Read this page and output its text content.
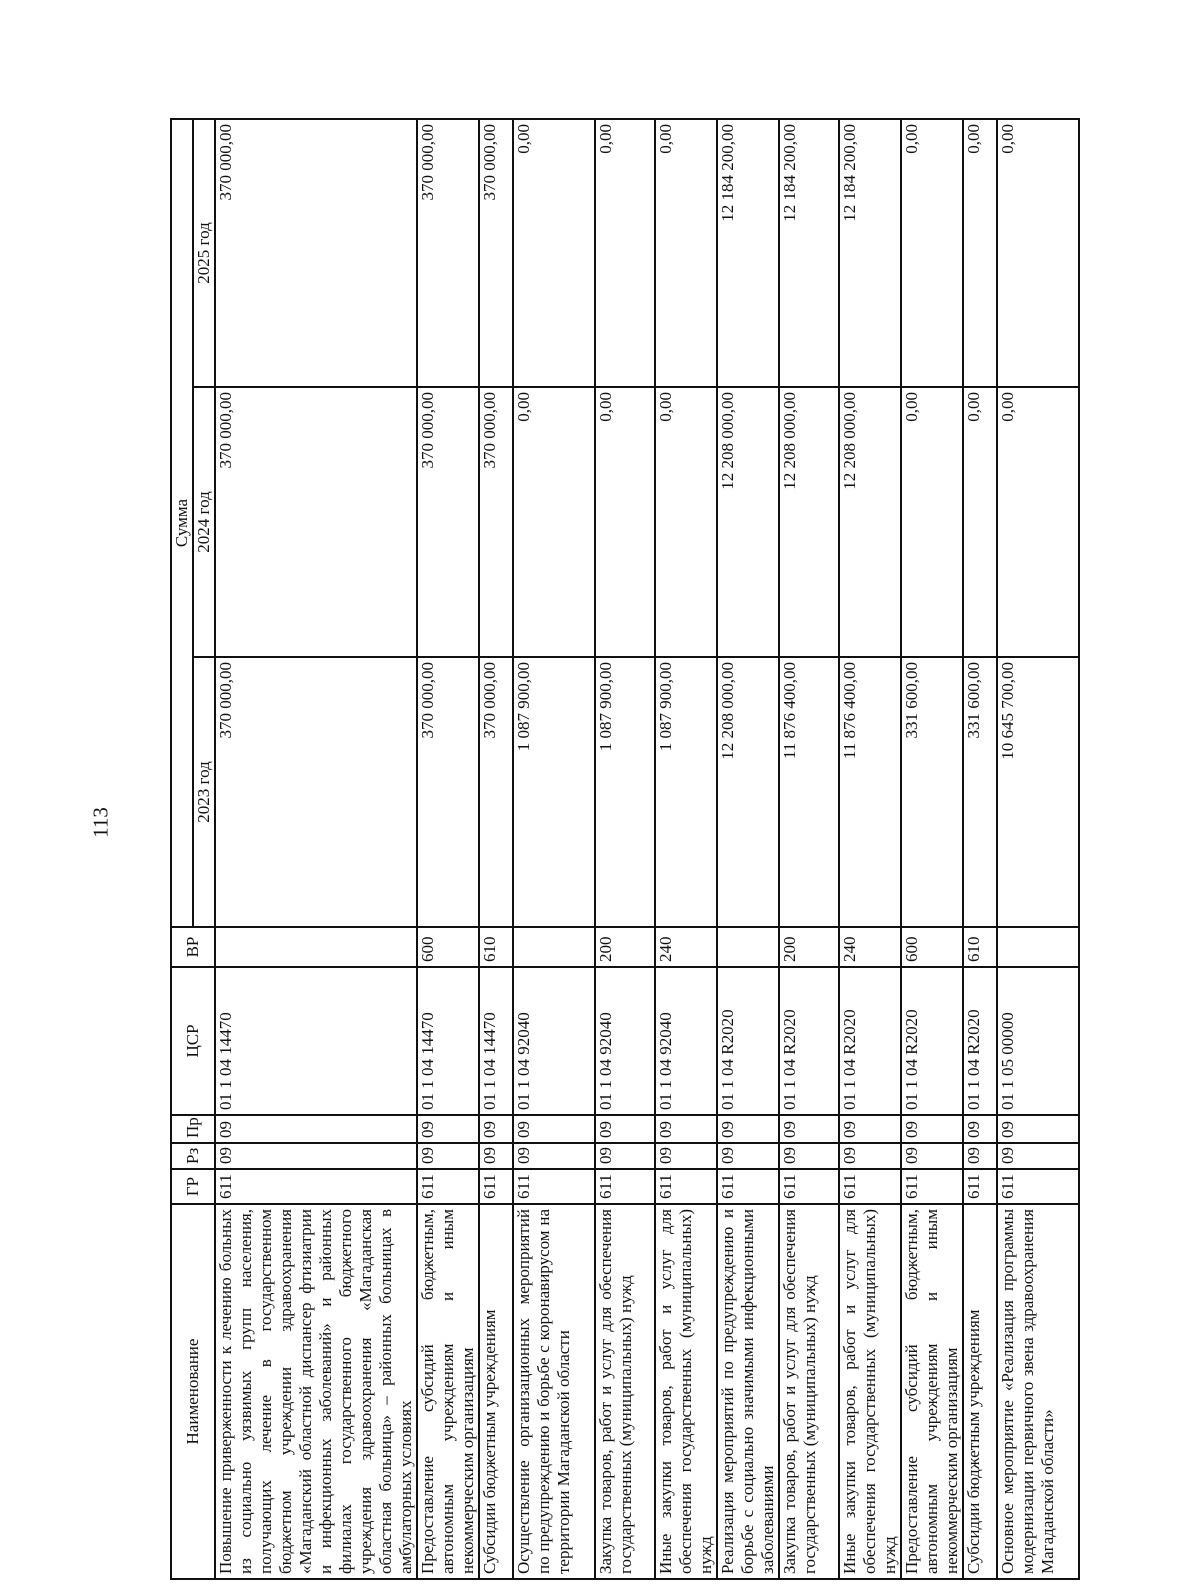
113
Наименование	ГР	Рз	Пр	ЦСР	ВР	Сумма		
						2023 год	2024 год	2025 год
Повышение приверженности к лечению больных из социально уязвимых групп населения, получающих лечение в государственном бюджетном учреждении здравоохранения «Магаданский областной диспансер фтизиатрии и инфекционных заболеваний» и районных филиалах государственного бюджетного учреждения здравоохранения «Магаданская областная больница» – районных больницах в амбулаторных условиях	611	09	09	01 1 04 14470		370 000,00	370 000,00	370 000,00
Предоставление субсидий бюджетным, автономным учреждениям и иным некоммерческим организациям	611	09	09	01 1 04 14470	600	370 000,00	370 000,00	370 000,00
Субсидии бюджетным учреждениям	611	09	09	01 1 04 14470	610	370 000,00	370 000,00	370 000,00
Осуществление организационных мероприятий по предупреждению и борьбе с коронавирусом на территории Магаданской области	611	09	09	01 1 04 92040		1 087 900,00	0,00	0,00
Закупка товаров, работ и услуг для обеспечения государственных (муниципальных) нужд	611	09	09	01 1 04 92040	200	1 087 900,00	0,00	0,00
Иные закупки товаров, работ и услуг для обеспечения государственных (муниципальных) нужд	611	09	09	01 1 04 92040	240	1 087 900,00	0,00	0,00
Реализация мероприятий по предупреждению и борьбе с социально значимыми инфекционными заболеваниями	611	09	09	01 1 04 R2020		12 208 000,00	12 208 000,00	12 184 200,00
Закупка товаров, работ и услуг для обеспечения государственных (муниципальных) нужд	611	09	09	01 1 04 R2020	200	11 876 400,00	12 208 000,00	12 184 200,00
Иные закупки товаров, работ и услуг для обеспечения государственных (муниципальных) нужд	611	09	09	01 1 04 R2020	240	11 876 400,00	12 208 000,00	12 184 200,00
Предоставление субсидий бюджетным, автономным учреждениям и иным некоммерческим организациям	611	09	09	01 1 04 R2020	600	331 600,00	0,00	0,00
Субсидии бюджетным учреждениям	611	09	09	01 1 04 R2020	610	331 600,00	0,00	0,00
Основное мероприятие «Реализация программы модернизации первичного звена здравоохранения Магаданской области»	611	09	09	01 1 05 00000		10 645 700,00	0,00	0,00
